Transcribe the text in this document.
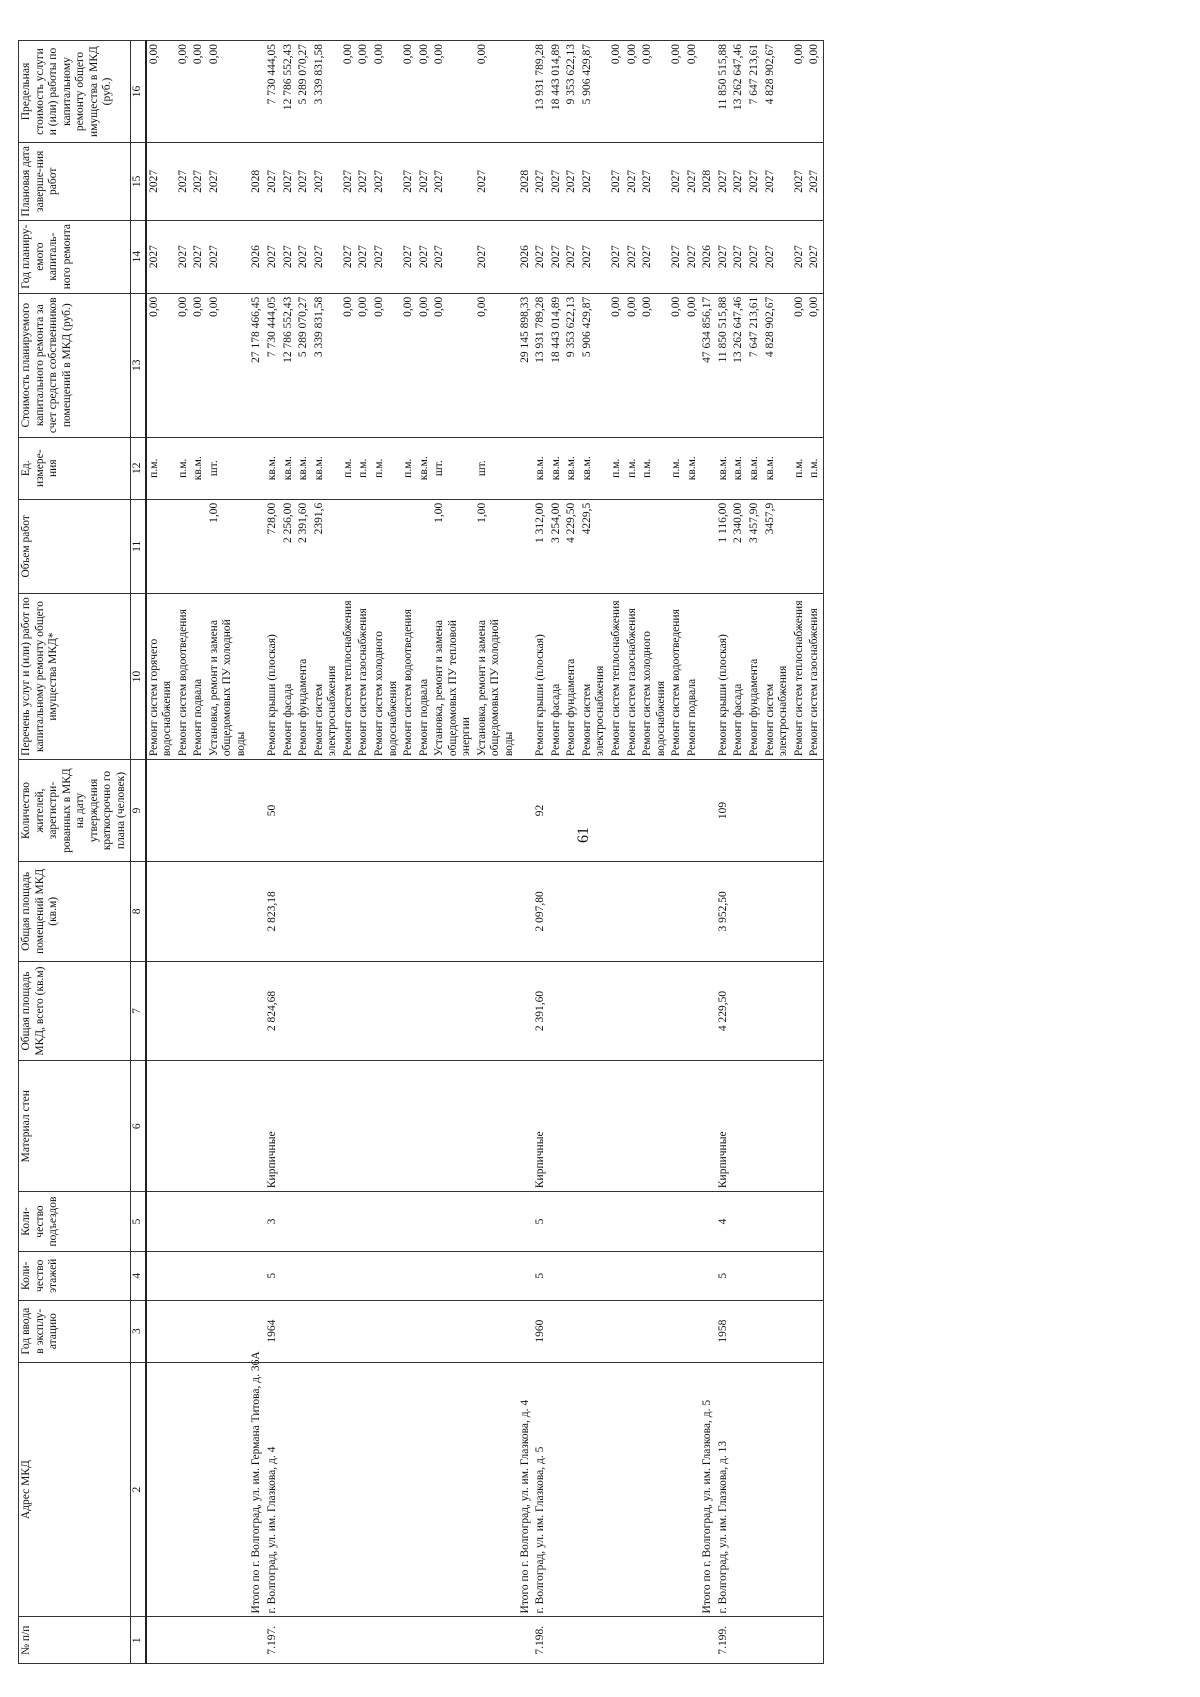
61
№ п/п	Адрес МКД	Год ввода в эксплу-атацию	Коли-чество этажей	Коли-чество подъездов	Материал стен	Общая площадь МКД, всего (кв.м)	Общая площадь помещений МКД (кв.м)	Количество жителей, зарегистри-рованных в МКД на дату утверждения краткосрочно го плана (человек)	Перечень услуг и (или) работ по капитальному ремонту общего имущества МКД*	Объем работ	Ед. измере-ния	Стоимость планируемого капитального ремонта за счет средств собственников помещений в МКД (руб.)	Год планиру-емого капиталь-ного ремонта	Плановая дата заверше-ния работ	Предельная стоимость услуги и (или) работы по капитальному ремонту общего имущества в МКД (руб.)
1	2	3	4	5	6	7	8	9	10	11	12	13	14	15	16
									Ремонт систем горячего водоснабжения		п.м.	0,00	2027	2027	0,00
									Ремонт систем водоотведения		п.м.	0,00	2027	2027	0,00
									Ремонт подвала		кв.м.	0,00	2027	2027	0,00
									Установка, ремонт и замена общедомовых ПУ холодной воды	1,00	шт.	0,00	2027	2027	0,00
	Итого по г. Волгоград, ул. им. Германа Титова, д. 36А											27 178 466,45	2026	2028	
7.197.	г. Волгоград, ул. им. Глазкова, д. 4	1964	5	3	Кирпичные	2 824,68	2 823,18	50	Ремонт крыши (плоская)	728,00	кв.м.	7 730 444,05	2027	2027	7 730 444,05
									Ремонт фасада	2 256,00	кв.м.	12 786 552,43	2027	2027	12 786 552,43
									Ремонт фундамента	2 391,60	кв.м.	5 289 070,27	2027	2027	5 289 070,27
									Ремонт систем электроснабжения	2391,6	кв.м.	3 339 831,58	2027	2027	3 339 831,58
									Ремонт систем теплоснабжения		п.м.	0,00	2027	2027	0,00
									Ремонт систем газоснабжения		п.м.	0,00	2027	2027	0,00
									Ремонт систем холодного водоснабжения		п.м.	0,00	2027	2027	0,00
									Ремонт систем водоотведения		п.м.	0,00	2027	2027	0,00
									Ремонт подвала		кв.м.	0,00	2027	2027	0,00
									Установка, ремонт и замена общедомовых ПУ тепловой энергии	1,00	шт.	0,00	2027	2027	0,00
									Установка, ремонт и замена общедомовых ПУ холодной воды	1,00	шт.	0,00	2027	2027	0,00
	Итого по г. Волгоград, ул. им. Глазкова, д. 4											29 145 898,33	2026	2028	
7.198.	г. Волгоград, ул. им. Глазкова, д. 5	1960	5	5	Кирпичные	2 391,60	2 097,80	92	Ремонт крыши (плоская)	1 312,00	кв.м.	13 931 789,28	2027	2027	13 931 789,28
									Ремонт фасада	3 254,00	кв.м.	18 443 014,89	2027	2027	18 443 014,89
									Ремонт фундамента	4 229,50	кв.м.	9 353 622,13	2027	2027	9 353 622,13
									Ремонт систем электроснабжения	4229,5	кв.м.	5 906 429,87	2027	2027	5 906 429,87
									Ремонт систем теплоснабжения		п.м.	0,00	2027	2027	0,00
									Ремонт систем газоснабжения		п.м.	0,00	2027	2027	0,00
									Ремонт систем холодного водоснабжения		п.м.	0,00	2027	2027	0,00
									Ремонт систем водоотведения		п.м.	0,00	2027	2027	0,00
									Ремонт подвала		кв.м.	0,00	2027	2027	0,00
	Итого по г. Волгоград, ул. им. Глазкова, д. 5											47 634 856,17	2026	2028	
7.199.	г. Волгоград, ул. им. Глазкова, д. 13	1958	5	4	Кирпичные	4 229,50	3 952,50	109	Ремонт крыши (плоская)	1 116,00	кв.м.	11 850 515,88	2027	2027	11 850 515,88
									Ремонт фасада	2 340,00	кв.м.	13 262 647,46	2027	2027	13 262 647,46
									Ремонт фундамента	3 457,90	кв.м.	7 647 213,61	2027	2027	7 647 213,61
									Ремонт систем электроснабжения	3457,9	кв.м.	4 828 902,67	2027	2027	4 828 902,67
									Ремонт систем теплоснабжения		п.м.	0,00	2027	2027	0,00
									Ремонт систем газоснабжения		п.м.	0,00	2027	2027	0,00
